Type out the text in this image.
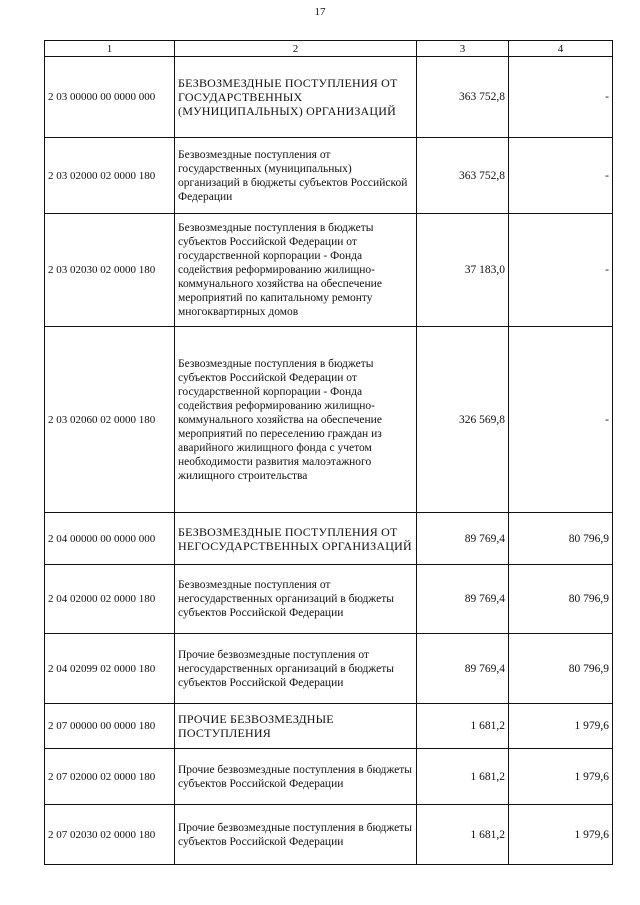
17
1	2	3	4
2 03 00000 00 0000 000	БЕЗВОЗМЕЗДНЫЕ ПОСТУПЛЕНИЯ ОТ ГОСУДАРСТВЕННЫХ (МУНИЦИПАЛЬНЫХ) ОРГАНИЗАЦИЙ	363 752,8	-
2 03 02000 02 0000 180	Безвозмездные поступления от государственных (муниципальных) организаций в бюджеты субъектов Российской Федерации	363 752,8	-
2 03 02030 02 0000 180	Безвозмездные поступления в бюджеты субъектов Российской Федерации от государственной корпорации - Фонда содействия реформированию жилищно-коммунального хозяйства на обеспечение мероприятий по капитальному ремонту многоквартирных домов	37 183,0	-
2 03 02060 02 0000 180	Безвозмездные поступления в бюджеты субъектов Российской Федерации от государственной корпорации - Фонда содействия реформированию жилищно-коммунального хозяйства на обеспечение мероприятий по переселению граждан из аварийного жилищного фонда с учетом необходимости развития малоэтажного жилищного строительства	326 569,8	-
2 04 00000 00 0000 000	БЕЗВОЗМЕЗДНЫЕ ПОСТУПЛЕНИЯ ОТ НЕГОСУДАРСТВЕННЫХ ОРГАНИЗАЦИЙ	89 769,4	80 796,9
2 04 02000 02 0000 180	Безвозмездные поступления от негосударственных организаций в бюджеты субъектов Российской Федерации	89 769,4	80 796,9
2 04 02099 02 0000 180	Прочие безвозмездные поступления от негосударственных организаций в бюджеты субъектов Российской Федерации	89 769,4	80 796,9
2 07 00000 00 0000 180	ПРОЧИЕ БЕЗВОЗМЕЗДНЫЕ ПОСТУПЛЕНИЯ	1 681,2	1 979,6
2 07 02000 02 0000 180	Прочие безвозмездные поступления в бюджеты субъектов Российской Федерации	1 681,2	1 979,6
2 07 02030 02 0000 180	Прочие безвозмездные поступления в бюджеты субъектов Российской Федерации	1 681,2	1 979,6
